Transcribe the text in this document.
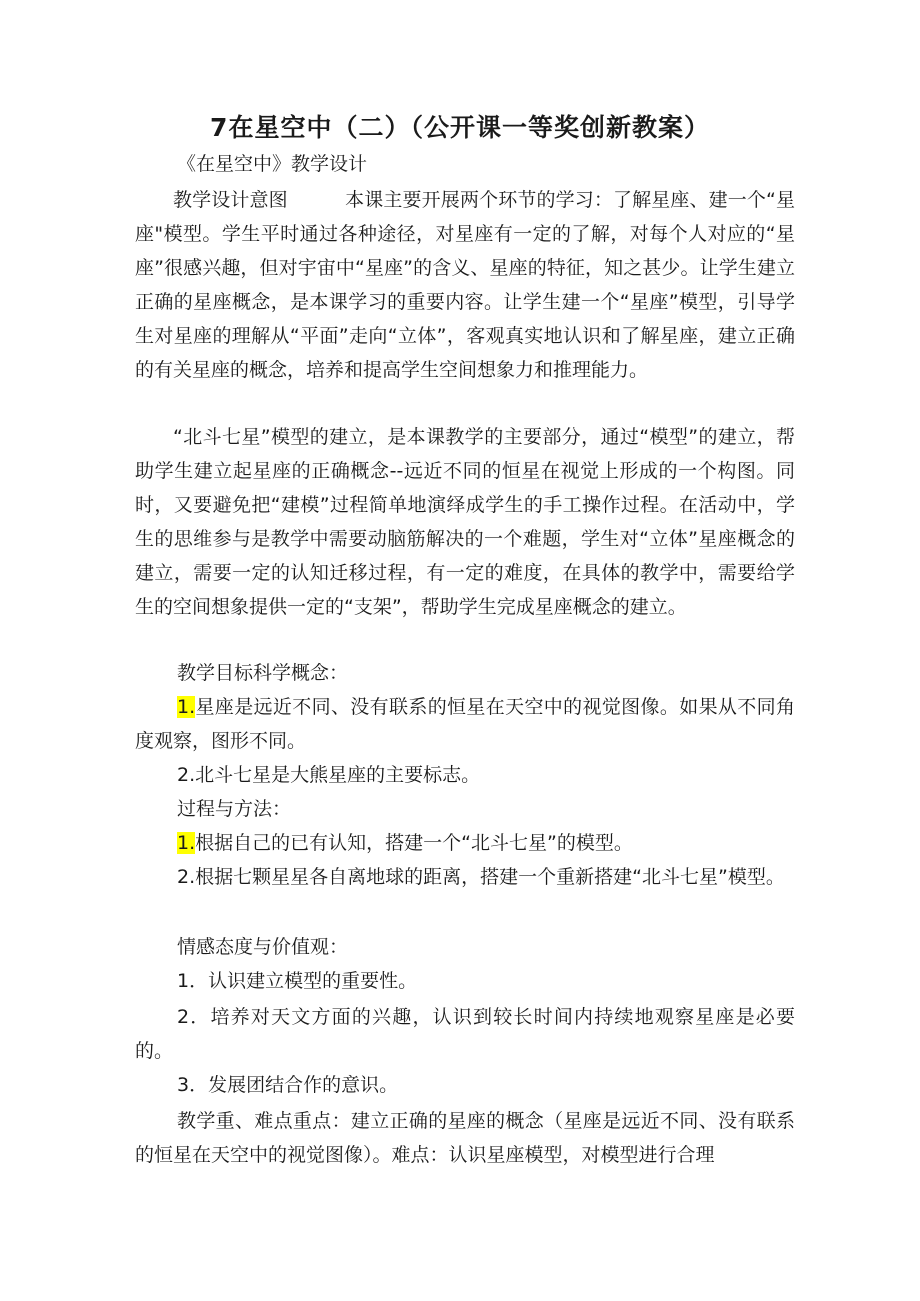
7在星空中（二）（公开课一等奖创新教案）
《在星空中》教学设计

教学设计意图　　　本课主要开展两个环节的学习：了解星座、建一个“星座"模型。学生平时通过各种途径，对星座有一定的了解，对每个人对应的“星座”很感兴趣，但对宇宙中“星座”的含义、星座的特征，知之甚少。让学生建立正确的星座概念，是本课学习的重要内容。让学生建一个“星座”模型，引导学生对星座的理解从“平面”走向“立体”，客观真实地认识和了解星座，建立正确的有关星座的概念，培养和提高学生空间想象力和推理能力。

“北斗七星”模型的建立，是本课教学的主要部分，通过“模型”的建立，帮助学生建立起星座的正确概念--远近不同的恒星在视觉上形成的一个构图。同时，又要避免把“建模”过程简单地演绎成学生的手工操作过程。在活动中，学生的思维参与是教学中需要动脑筋解决的一个难题，学生对“立体”星座概念的建立，需要一定的认知迁移过程，有一定的难度，在具体的教学中，需要给学生的空间想象提供一定的“支架”，帮助学生完成星座概念的建立。

教学目标科学概念：
1.星座是远近不同、没有联系的恒星在天空中的视觉图像。如果从不同角度观察，图形不同。
2.北斗七星是大熊星座的主要标志。
过程与方法：
1.根据自己的已有认知，搭建一个“北斗七星”的模型。
2.根据七颗星星各自离地球的距离，搭建一个重新搭建“北斗七星”模型。
情感态度与价值观：
1．认识建立模型的重要性。
2．培养对天文方面的兴趣，认识到较长时间内持续地观察星座是必要的。
3．发展团结合作的意识。
教学重、难点重点：建立正确的星座的概念（星座是远近不同、没有联系的恒星在天空中的视觉图像）。难点：认识星座模型，对模型进行合理
